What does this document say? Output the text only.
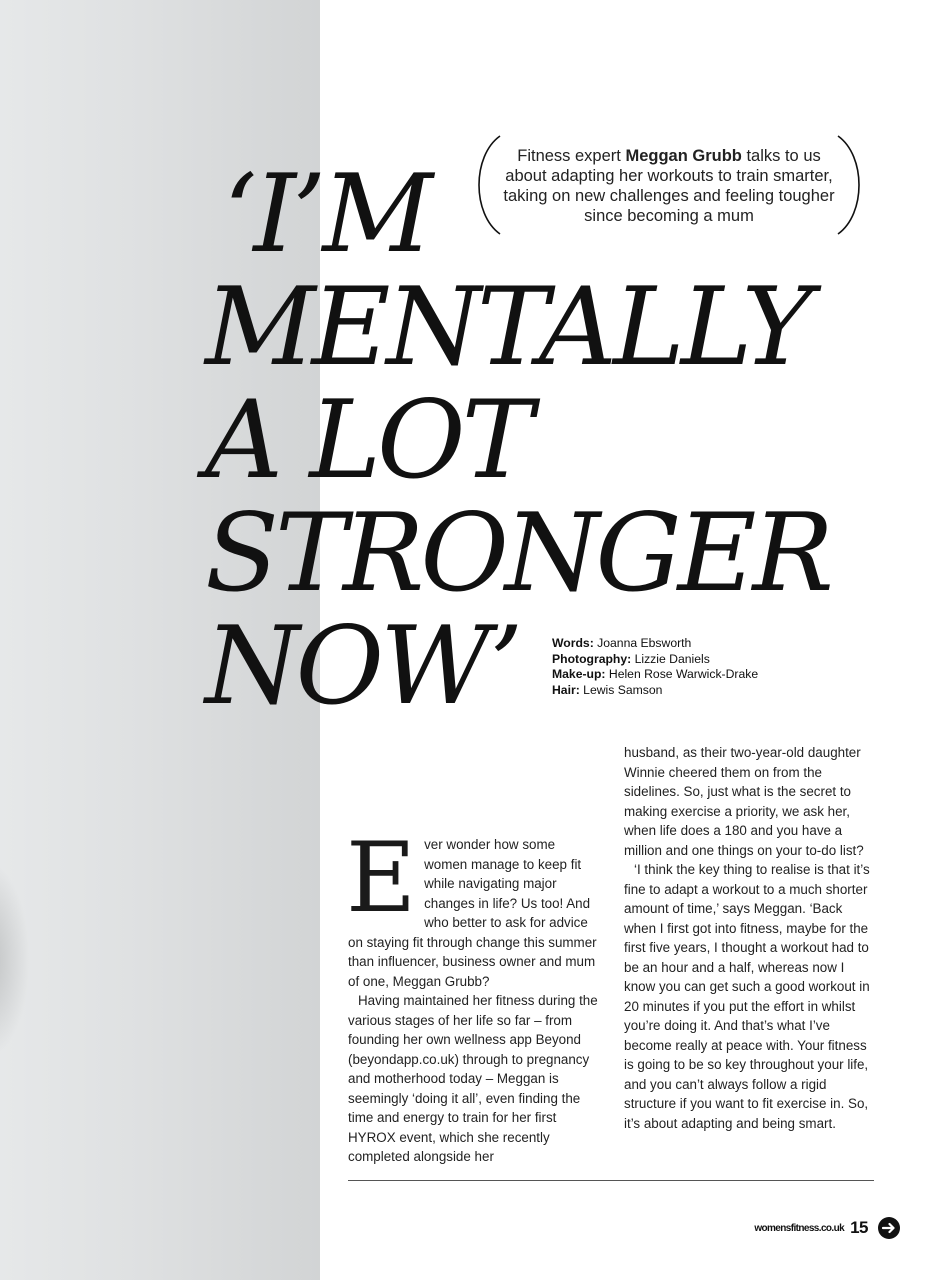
‘I’M
MENTALLY
A LOT
STRONGER
NOW’

Fitness expert Meggan Grubb talks to us about adapting her workouts to train smarter, taking on new challenges and feeling tougher since becoming a mum

Words: Joanna Ebsworth
Photography: Lizzie Daniels
Make-up: Helen Rose Warwick-Drake
Hair: Lewis Samson

Ever wonder how some women manage to keep fit while navigating major changes in life? Us too! And who better to ask for advice on staying fit through change this summer than influencer, business owner and mum of one, Meggan Grubb?

Having maintained her fitness during the various stages of her life so far – from founding her own wellness app Beyond (beyondapp.co.uk) through to pregnancy and motherhood today – Meggan is seemingly ‘doing it all’, even finding the time and energy to train for her first HYROX event, which she recently completed alongside her

husband, as their two-year-old daughter Winnie cheered them on from the sidelines. So, just what is the secret to making exercise a priority, we ask her, when life does a 180 and you have a million and one things on your to-do list?

‘I think the key thing to realise is that it’s fine to adapt a workout to a much shorter amount of time,’ says Meggan. ‘Back when I first got into fitness, maybe for the first five years, I thought a workout had to be an hour and a half, whereas now I know you can get such a good workout in 20 minutes if you put the effort in whilst you’re doing it. And that’s what I’ve become really at peace with. Your fitness is going to be so key throughout your life, and you can’t always follow a rigid structure if you want to fit exercise in. So, it’s about adapting and being smart.

womensfitness.co.uk 15
